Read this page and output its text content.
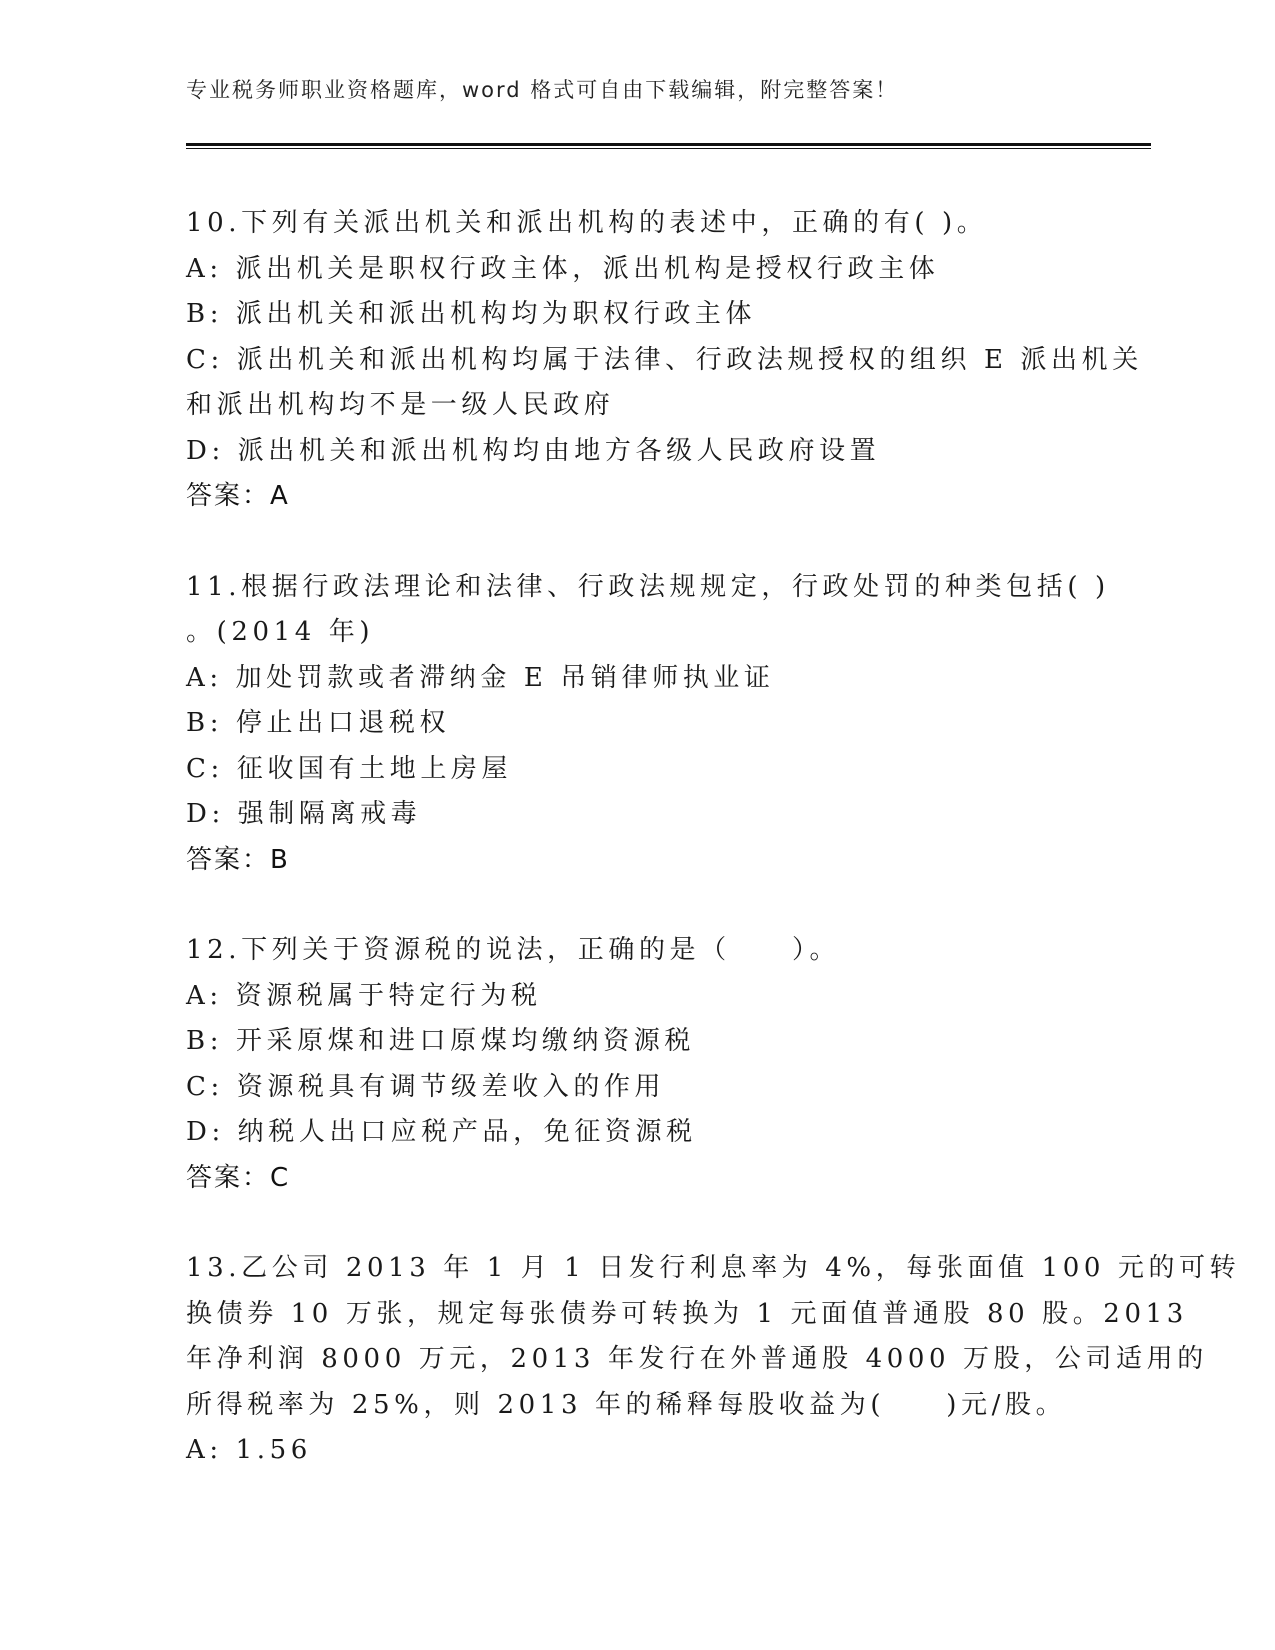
专业税务师职业资格题库，word 格式可自由下载编辑，附完整答案！
10.下列有关派出机关和派出机构的表述中，正确的有( )。
A: 派出机关是职权行政主体，派出机构是授权行政主体
B: 派出机关和派出机构均为职权行政主体
C: 派出机关和派出机构均属于法律、行政法规授权的组织 E 派出机关
和派出机构均不是一级人民政府
D: 派出机关和派出机构均由地方各级人民政府设置
答案：A
11.根据行政法理论和法律、行政法规规定，行政处罚的种类包括( )
。(2014 年)
A: 加处罚款或者滞纳金 E 吊销律师执业证
B: 停止出口退税权
C: 征收国有土地上房屋
D: 强制隔离戒毒
答案：B
12.下列关于资源税的说法，正确的是（　　）。
A: 资源税属于特定行为税
B: 开采原煤和进口原煤均缴纳资源税
C: 资源税具有调节级差收入的作用
D: 纳税人出口应税产品，免征资源税
答案：C
13.乙公司 2013 年 1 月 1 日发行利息率为 4%，每张面值 100 元的可转
换债券 10 万张，规定每张债券可转换为 1 元面值普通股 80 股。2013
年净利润 8000 万元，2013 年发行在外普通股 4000 万股，公司适用的
所得税率为 25%，则 2013 年的稀释每股收益为(　　)元/股。
A: 1.56
